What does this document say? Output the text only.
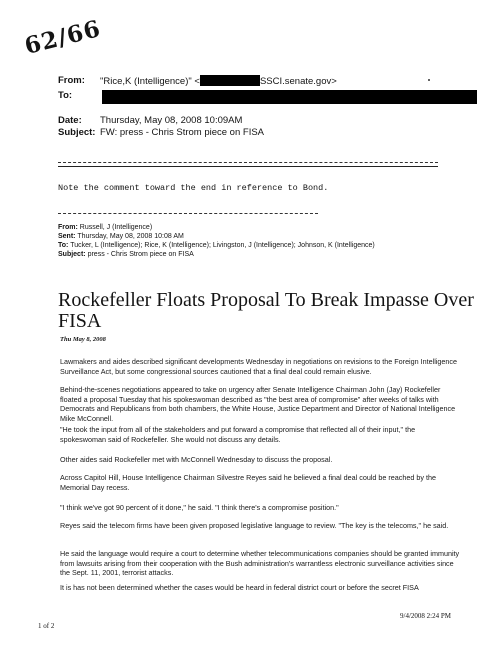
62/66
From: "Rice,K (Intelligence)" <	SSCI.senate.gov>
To:
Date: Thursday, May 08, 2008 10:09AM
Subject: FW: press - Chris Strom piece on FISA
Note the comment toward the end in reference to Bond.
From: Russell, J (Intelligence)
Sent: Thursday, May 08, 2008 10:08 AM
To: Tucker, L (Intelligence); Rice, K (Intelligence); Livingston, J (Intelligence); Johnson, K (Intelligence)
Subject: press - Chris Strom piece on FISA
Rockefeller Floats Proposal To Break Impasse Over FISA
Thu May 8, 2008
Lawmakers and aides described significant developments Wednesday in negotiations on revisions to the Foreign Intelligence Surveillance Act, but some congressional sources cautioned that a final deal could remain elusive.
Behind-the-scenes negotiations appeared to take on urgency after Senate Intelligence Chairman John (Jay) Rockefeller floated a proposal Tuesday that his spokeswoman described as "the best area of compromise" after weeks of talks with Democrats and Republicans from both chambers, the White House, Justice Department and Director of National Intelligence Mike McConnell.
"He took the input from all of the stakeholders and put forward a compromise that reflected all of their input," the spokeswoman said of Rockefeller. She would not discuss any details.
Other aides said Rockefeller met with McConnell Wednesday to discuss the proposal.
Across Capitol Hill, House Intelligence Chairman Silvestre Reyes said he believed a final deal could be reached by the Memorial Day recess.
"I think we've got 90 percent of it done," he said. "I think there's a compromise position."
Reyes said the telecom firms have been given proposed legislative language to review. "The key is the telecoms," he said.
He said the language would require a court to determine whether telecommunications companies should be granted immunity from lawsuits arising from their cooperation with the Bush administration's warrantless electronic surveillance activities since the Sept. 11, 2001, terrorist attacks.
It is has not been determined whether the cases would be heard in federal district court or before the secret FISA
1 of 2
9/4/2008 2:24 PM
